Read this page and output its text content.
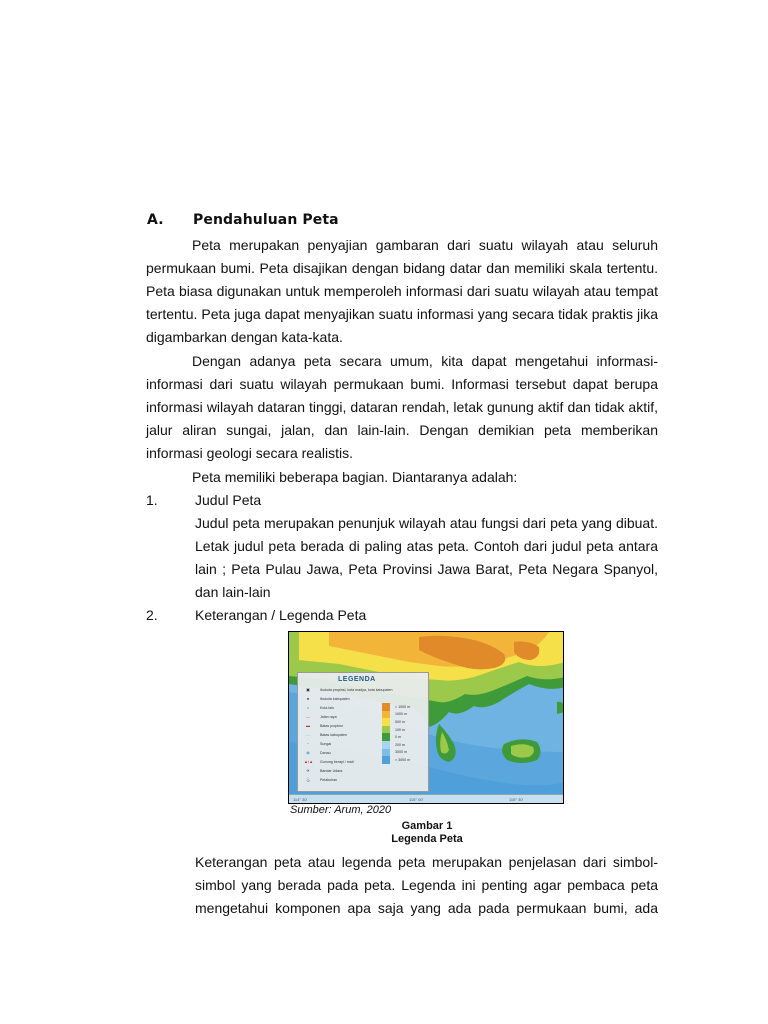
A. Pendahuluan Peta
Peta merupakan penyajian gambaran dari suatu wilayah atau seluruh
permukaan bumi. Peta disajikan dengan bidang datar dan memiliki skala tertentu.
Peta biasa digunakan untuk memperoleh informasi dari suatu wilayah atau tempat
tertentu. Peta juga dapat menyajikan suatu informasi yang secara tidak praktis jika
digambarkan dengan kata-kata.
Dengan adanya peta secara umum, kita dapat mengetahui informasi-
informasi dari suatu wilayah permukaan bumi. Informasi tersebut dapat berupa
informasi wilayah dataran tinggi, dataran rendah, letak gunung aktif dan tidak aktif,
jalur aliran sungai, jalan, dan lain-lain. Dengan demikian peta memberikan
informasi geologi secara realistis.
Peta memiliki beberapa bagian. Diantaranya adalah:
1.	Judul Peta
Judul peta merupakan penunjuk wilayah atau fungsi dari peta yang dibuat.
Letak judul peta berada di paling atas peta. Contoh dari judul peta antara
lain ; Peta Pulau Jawa, Peta Provinsi Jawa Barat, Peta Negara Spanyol,
dan lain-lain
2.	Keterangan / Legenda Peta
LEGENDA
▣	Ibukota propinsi, kota madya, kota kabupaten
●	Ibukota kabupaten
○	Kota lain
—	Jalan raya
▬	Batas propinsi
- -	Batas kabupaten
~	Sungai
◉	Danau
▲/▲ Gunung berapi / mati
✈	Bandar Udara
⚓	Pelabuhan
> 1000 m
1000 m
500 m
100 m
0 m
200 m
3000 m
> 3000 m
114° 30'	115° 00'	115° 30'
Sumber: Arum, 2020
Gambar 1
Legenda Peta
Keterangan peta atau legenda peta merupakan penjelasan dari simbol-
simbol yang berada pada peta. Legenda ini penting agar pembaca peta
mengetahui komponen apa saja yang ada pada permukaan bumi, ada
